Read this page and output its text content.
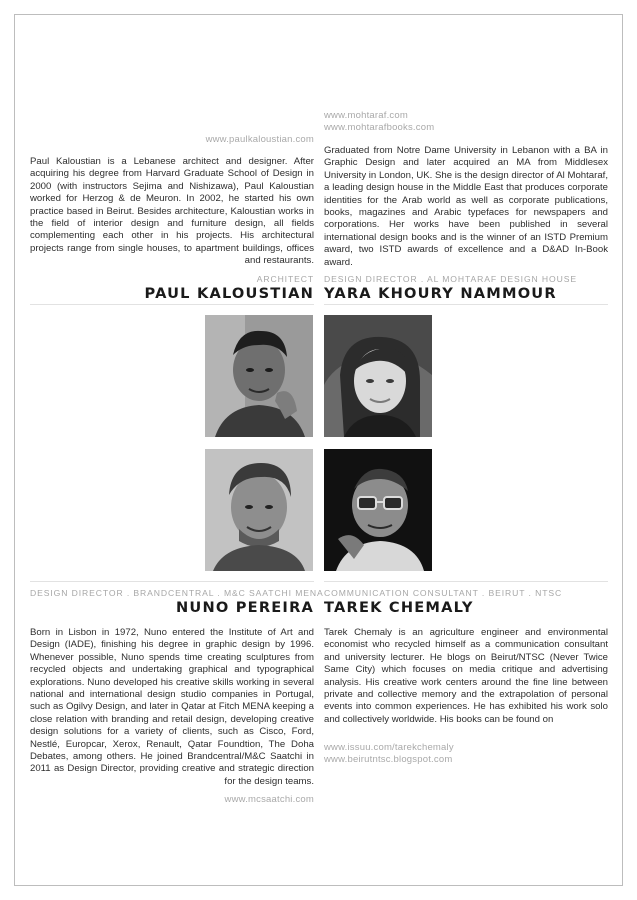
www.paulkaloustian.com

Paul Kaloustian is a Lebanese architect and designer. After acquiring his degree from Harvard Graduate School of Design in 2000 (with instructors Sejima and Nishizawa), Paul Kaloustian worked for Herzog & de Meuron. In 2002, he started his own practice based in Beirut. Besides architecture, Kaloustian works in the field of interior design and furniture design, all fields complementing each other in his projects. His architectural projects range from single houses, to apartment buildings, offices and restaurants.

ARCHITECT
PAUL KALOUSTIAN
www.mohtaraf.com
www.mohtarafbooks.com

Graduated from Notre Dame University in Lebanon with a BA in Graphic Design and later acquired an MA from Middlesex University in London, UK. She is the design director of Al Mohtaraf, a leading design house in the Middle East that produces corporate identities for the Arab world as well as corporate publications, books, magazines and Arabic typefaces for newspapers and corporations. Her works have been published in several international design books and is the winner of an ISTD Premium award, two ISTD awards of excellence and a D&AD In-Book award.

DESIGN DIRECTOR . AL MOHTARAF DESIGN HOUSE
YARA KHOURY NAMMOUR
DESIGN DIRECTOR . BRANDCENTRAL . M&C SAATCHI MENA
NUNO PEREIRA

Born in Lisbon in 1972, Nuno entered the Institute of Art and Design (IADE), finishing his degree in graphic design by 1996. Whenever possible, Nuno spends time creating sculptures from recycled objects and undertaking graphical and typographical explorations. Nuno developed his creative skills working in several national and international design studio companies in Portugal, such as Ogilvy Design, and later in Qatar at Fitch MENA keeping a close relation with branding and retail design, developing creative design solutions for a variety of clients, such as Cisco, Ford, Nestlé, Europcar, Xerox, Renault, Qatar Foundtion, The Doha Debates, among others. He joined Brandcentral/M&C Saatchi in 2011 as Design Director, providing creative and strategic direction for the design teams.

www.mcsaatchi.com
COMMUNICATION CONSULTANT . BEIRUT . NTSC
TAREK CHEMALY

Tarek Chemaly is an agriculture engineer and environmental economist who recycled himself as a communication consultant and university lecturer. He blogs on Beirut/NTSC (Never Twice Same City) which focuses on media critique and advertising analysis. His creative work centers around the fine line between private and collective memory and the extrapolation of personal events into common experiences. He has exhibited his work solo and collectively worldwide. His books can be found on

www.issuu.com/tarekchemaly
www.beirutntsc.blogspot.com
